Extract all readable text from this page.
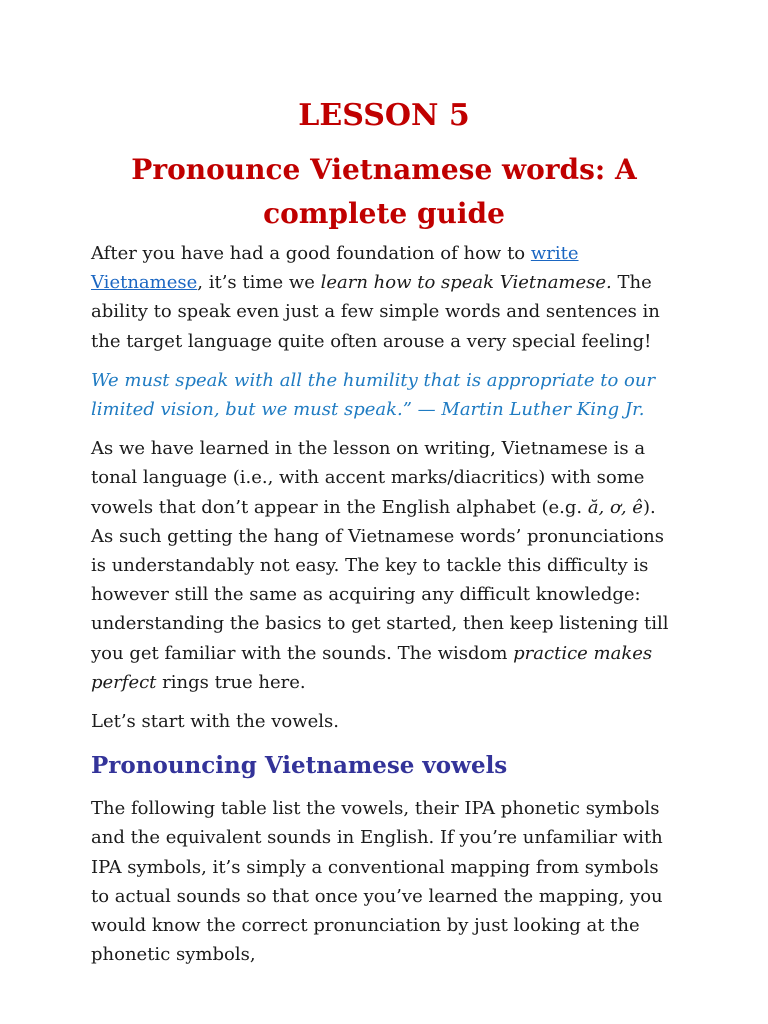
LESSON 5
Pronounce Vietnamese words: A complete guide

After you have had a good foundation of how to write Vietnamese, it’s time we learn how to speak Vietnamese. The ability to speak even just a few simple words and sentences in the target language quite often arouse a very special feeling!

We must speak with all the humility that is appropriate to our limited vision, but we must speak.” — Martin Luther King Jr.

As we have learned in the lesson on writing, Vietnamese is a tonal language (i.e., with accent marks/diacritics) with some vowels that don’t appear in the English alphabet (e.g. ă, ơ, ê). As such getting the hang of Vietnamese words’ pronunciations is understandably not easy. The key to tackle this difficulty is however still the same as acquiring any difficult knowledge: understanding the basics to get started, then keep listening till you get familiar with the sounds. The wisdom practice makes perfect rings true here.

Let’s start with the vowels.

Pronouncing Vietnamese vowels

The following table list the vowels, their IPA phonetic symbols and the equivalent sounds in English. If you’re unfamiliar with IPA symbols, it’s simply a conventional mapping from symbols to actual sounds so that once you’ve learned the mapping, you would know the correct pronunciation by just looking at the phonetic symbols,
